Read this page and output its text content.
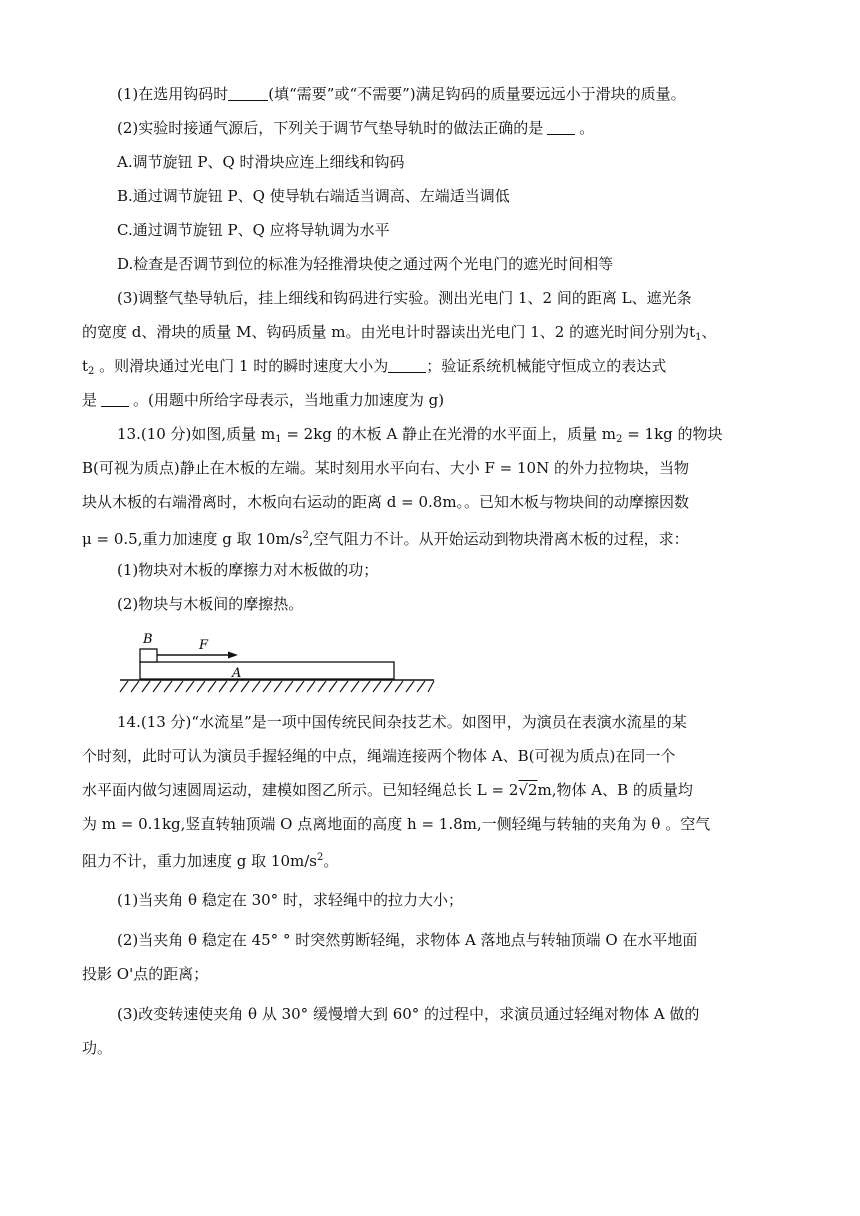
(1)在选用钩码时	(填“需要”或“不需要”)满足钩码的质量要远远小于滑块的质量。
(2)实验时接通气源后，下列关于调节气垫导轨时的做法正确的是 。
A.调节旋钮 P、Q 时滑块应连上细线和钩码
B.通过调节旋钮 P、Q 使导轨右端适当调高、左端适当调低
C.通过调节旋钮 P、Q 应将导轨调为水平
D.检查是否调节到位的标准为轻推滑块使之通过两个光电门的遮光时间相等
(3)调整气垫导轨后，挂上细线和钩码进行实验。测出光电门 1、2 间的距离 L、遮光条
的宽度 d、滑块的质量 M、钩码质量 m。由光电计时器读出光电门 1、2 的遮光时间分别为$t_1$、
$t_2$ 。则滑块通过光电门 1 时的瞬时速度大小为	；验证系统机械能守恒成立的表达式
是 。(用题中所给字母表示，当地重力加速度为 g)
13.(10 分)如图,质量 $m_1 = 2kg$ 的木板 A 静止在光滑的水平面上，质量 $m_2 = 1kg$ 的物块
B(可视为质点)静止在木板的左端。某时刻用水平向右、大小 F = 10N 的外力拉物块，当物
块从木板的右端滑离时，木板向右运动的距离 d = 0.8m。。已知木板与物块间的动摩擦因数
μ = 0.5,重力加速度 g 取 $10m/s^2$,空气阻力不计。从开始运动到物块滑离木板的过程，求：
(1)物块对木板的摩擦力对木板做的功；
(2)物块与木板间的摩擦热。
B	F
A
14.(13 分)“水流星”是一项中国传统民间杂技艺术。如图甲，为演员在表演水流星的某
个时刻，此时可认为演员手握轻绳的中点，绳端连接两个物体 A、B(可视为质点)在同一个
水平面内做匀速圆周运动，建模如图乙所示。已知轻绳总长 L = 2√2m,物体 A、B 的质量均
为 m = 0.1kg,竖直转轴顶端 O 点离地面的高度 h = 1.8m,一侧轻绳与转轴的夹角为 θ 。空气
阻力不计，重力加速度 g 取 $10m/s^2$。
(1)当夹角 θ 稳定在 30° 时，求轻绳中的拉力大小；
(2)当夹角 θ 稳定在 45° ° 时突然剪断轻绳，求物体 A 落地点与转轴顶端 O 在水平地面
投影 O'点的距离；
(3)改变转速使夹角 θ 从 30° 缓慢增大到 60° 的过程中，求演员通过轻绳对物体 A 做的
功。
